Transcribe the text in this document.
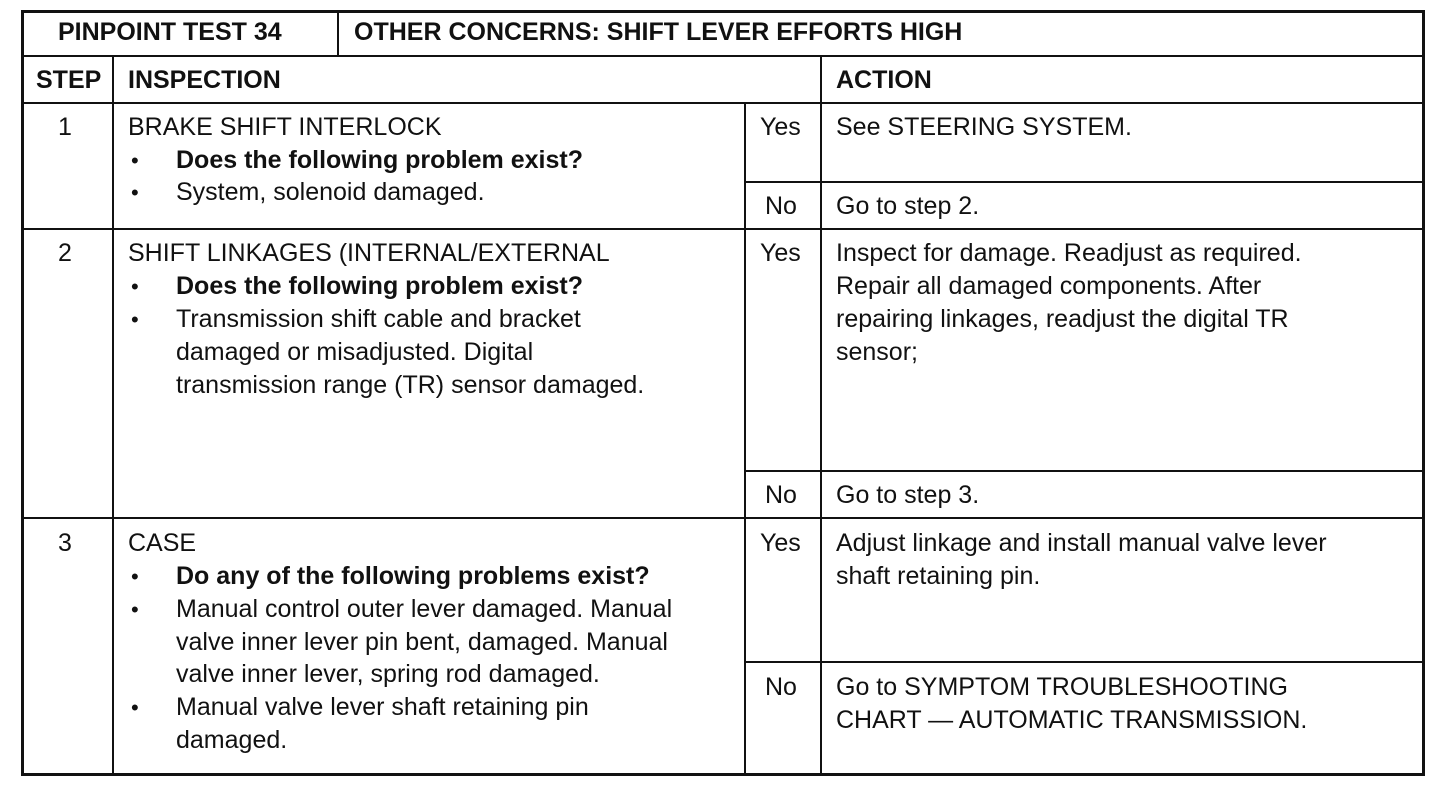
PINPOINT TEST 34	OTHER CONCERNS: SHIFT LEVER EFFORTS HIGH
STEP INSPECTION	ACTION
1 BRAKE SHIFT INTERLOCK
• Does the following problem exist?
• System, solenoid damaged.
Yes See STEERING SYSTEM.
No Go to step 2.
2 SHIFT LINKAGES (INTERNAL/EXTERNAL
• Does the following problem exist?
• Transmission shift cable and bracket
damaged or misadjusted. Digital
transmission range (TR) sensor damaged.
Yes Inspect for damage. Readjust as required.
Repair all damaged components. After
repairing linkages, readjust the digital TR
sensor;
No Go to step 3.
3 CASE
• Do any of the following problems exist?
• Manual control outer lever damaged. Manual
valve inner lever pin bent, damaged. Manual
valve inner lever, spring rod damaged.
• Manual valve lever shaft retaining pin
damaged.
Yes Adjust linkage and install manual valve lever
shaft retaining pin.
No Go to SYMPTOM TROUBLESHOOTING
CHART — AUTOMATIC TRANSMISSION.
